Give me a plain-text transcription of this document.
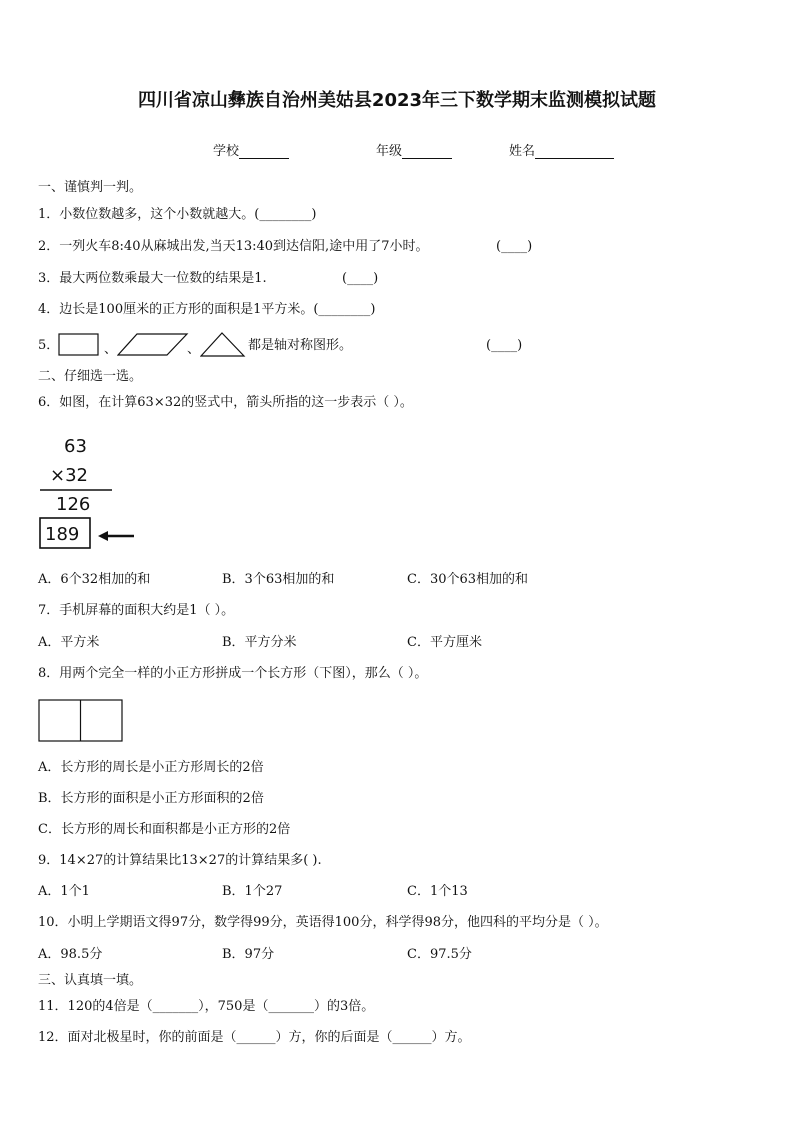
四川省凉山彝族自治州美姑县2023年三下数学期末监测模拟试题
学校	年级	姓名
一、谨慎判一判。
1．小数位数越多，这个小数就越大。(________)
2．一列火车8:40从麻城出发,当天13:40到达信阳,途中用了7小时。	(____)
3．最大两位数乘最大一位数的结果是1.	(____)
4．边长是100厘米的正方形的面积是1平方米。(________)
5．	、	、	都是轴对称图形。	(____)
二、仔细选一选。
6．如图，在计算63×32的竖式中，箭头所指的这一步表示（ ）。
63
×32
126
189
A．6个32相加的和	B．3个63相加的和	C．30个63相加的和
7．手机屏幕的面积大约是1（ ）。
A．平方米	B．平方分米	C．平方厘米
8．用两个完全一样的小正方形拼成一个长方形（下图），那么（ ）。
A．长方形的周长是小正方形周长的2倍
B．长方形的面积是小正方形面积的2倍
C．长方形的周长和面积都是小正方形的2倍
9．14×27的计算结果比13×27的计算结果多( ).
A．1个1	B．1个27	C．1个13
10．小明上学期语文得97分，数学得99分，英语得100分，科学得98分，他四科的平均分是（ ）。
A．98.5分	B．97分	C．97.5分
三、认真填一填。
11．120的4倍是（_______），750是（_______）的3倍。
12．面对北极星时，你的前面是（______）方，你的后面是（______）方。
